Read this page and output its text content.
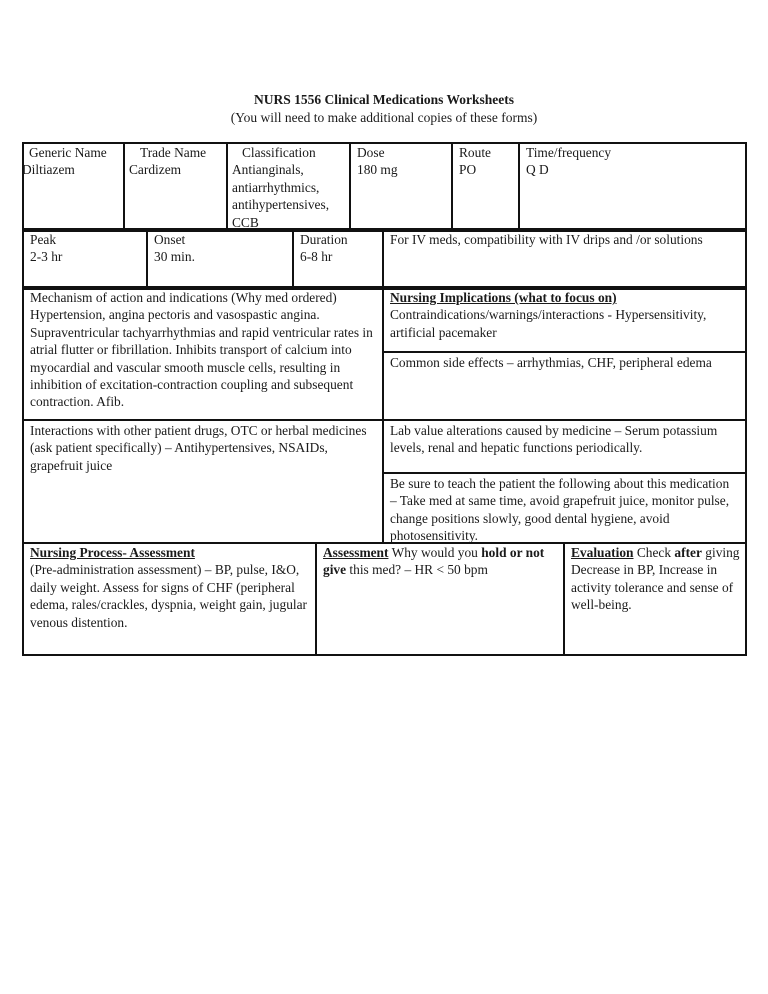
NURS 1556 Clinical Medications Worksheets
(You will need to make additional copies of these forms)

Generic Name

Diltiazem

Trade Name

Cardizem

Classification

Antianginals, antiarrhythmics, antihypertensives, CCB

Dose

180 mg

Route

PO

Time/frequency

Q D

Peak

2-3 hr

Onset

30 min.

Duration

6-8 hr

For IV meds, compatibility with IV drips and /or solutions

Mechanism of action and indications (Why med ordered)

Hypertension, angina pectoris and vasospastic angina. Supraventricular tachyarrhythmias and rapid ventricular rates in atrial flutter or fibrillation. Inhibits transport of calcium into myocardial and vascular smooth muscle cells, resulting in inhibition of excitation-contraction coupling and subsequent contraction. Afib.

Nursing Implications (what to focus on)

Contraindications/warnings/interactions - Hypersensitivity, artificial pacemaker

Common side effects – arrhythmias, CHF, peripheral edema

Interactions with other patient drugs, OTC or herbal medicines (ask patient specifically) – Antihypertensives, NSAIDs, grapefruit juice

Lab value alterations caused by medicine – Serum potassium levels, renal and hepatic functions periodically.

Be sure to teach the patient the following about this medication – Take med at same time, avoid grapefruit juice, monitor pulse, change positions slowly, good dental hygiene, avoid photosensitivity.

Nursing Process- Assessment

(Pre-administration assessment) – BP, pulse, I&O, daily weight. Assess for signs of CHF (peripheral edema, rales/crackles, dyspnia, weight gain, jugular venous distention.

Assessment Why would you hold or not give this med? – HR < 50 bpm

Evaluation Check after giving Decrease in BP, Increase in activity tolerance and sense of well-being.
